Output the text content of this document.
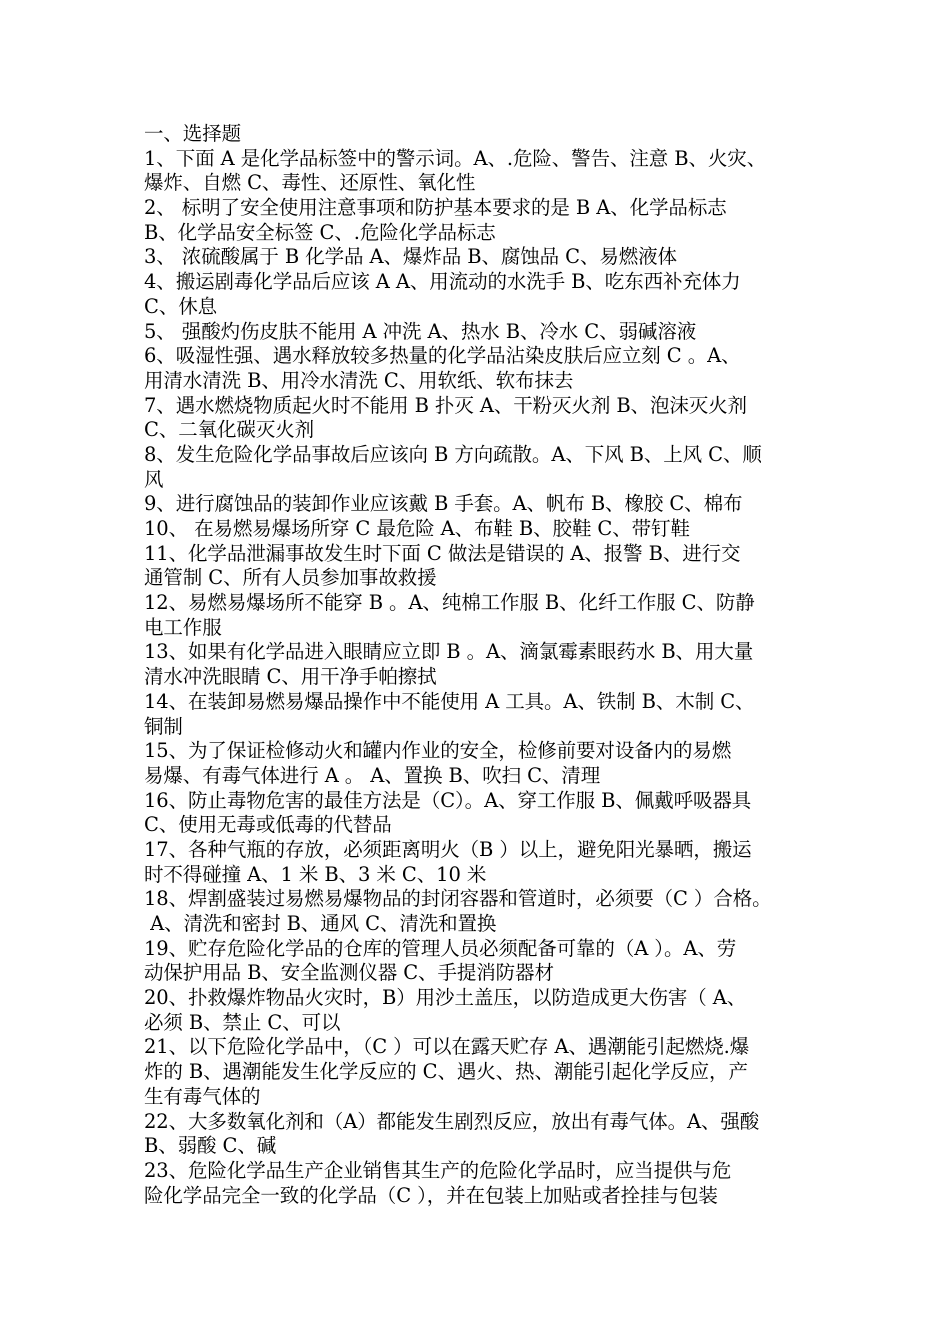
一、选择题
1、下面 A 是化学品标签中的警示词。A、.危险、警告、注意 B、火灾、
爆炸、自燃 C、毒性、还原性、氧化性
2、 标明了安全使用注意事项和防护基本要求的是 B A、化学品标志
B、化学品安全标签 C、.危险化学品标志
3、 浓硫酸属于 B 化学品 A、爆炸品 B、腐蚀品 C、易燃液体
4、搬运剧毒化学品后应该 A A、用流动的水洗手 B、吃东西补充体力
C、休息
5、 强酸灼伤皮肤不能用 A 冲洗 A、热水 B、冷水 C、弱碱溶液
6、吸湿性强、遇水释放较多热量的化学品沾染皮肤后应立刻 C 。A、
用清水清洗 B、用冷水清洗 C、用软纸、软布抹去
7、遇水燃烧物质起火时不能用 B 扑灭 A、干粉灭火剂 B、泡沫灭火剂
C、二氧化碳灭火剂
8、发生危险化学品事故后应该向 B 方向疏散。A、下风 B、上风 C、顺
风
9、进行腐蚀品的装卸作业应该戴 B 手套。A、帆布 B、橡胶 C、棉布
10、 在易燃易爆场所穿 C 最危险 A、布鞋 B、胶鞋 C、带钉鞋
11、化学品泄漏事故发生时下面 C 做法是错误的 A、报警 B、进行交
通管制 C、所有人员参加事故救援
12、易燃易爆场所不能穿 B 。A、纯棉工作服 B、化纤工作服 C、防静
电工作服
13、如果有化学品进入眼睛应立即 B 。A、滴氯霉素眼药水 B、用大量
清水冲洗眼睛 C、用干净手帕擦拭
14、在装卸易燃易爆品操作中不能使用 A 工具。A、铁制 B、木制 C、
铜制
15、为了保证检修动火和罐内作业的安全，检修前要对设备内的易燃
易爆、有毒气体进行 A 。 A、置换 B、吹扫 C、清理
16、防止毒物危害的最佳方法是（C）。A、穿工作服 B、佩戴呼吸器具
C、使用无毒或低毒的代替品
17、各种气瓶的存放，必须距离明火（B ）以上，避免阳光暴晒，搬运
时不得碰撞 A、1 米 B、3 米 C、10 米
18、焊割盛装过易燃易爆物品的封闭容器和管道时，必须要（C ）合格。
A、清洗和密封 B、通风 C、清洗和置换
19、贮存危险化学品的仓库的管理人员必须配备可靠的（A ）。A、劳
动保护用品 B、安全监测仪器 C、手提消防器材
20、扑救爆炸物品火灾时，B）用沙土盖压，以防造成更大伤害（ A、
必须 B、禁止 C、可以
21、以下危险化学品中，（C ）可以在露天贮存 A、遇潮能引起燃烧.爆
炸的 B、遇潮能发生化学反应的 C、遇火、热、潮能引起化学反应，产
生有毒气体的
22、大多数氧化剂和（A）都能发生剧烈反应，放出有毒气体。A、强酸
B、弱酸 C、碱
23、危险化学品生产企业销售其生产的危险化学品时，应当提供与危
险化学品完全一致的化学品（C ），并在包装上加贴或者拴挂与包装
